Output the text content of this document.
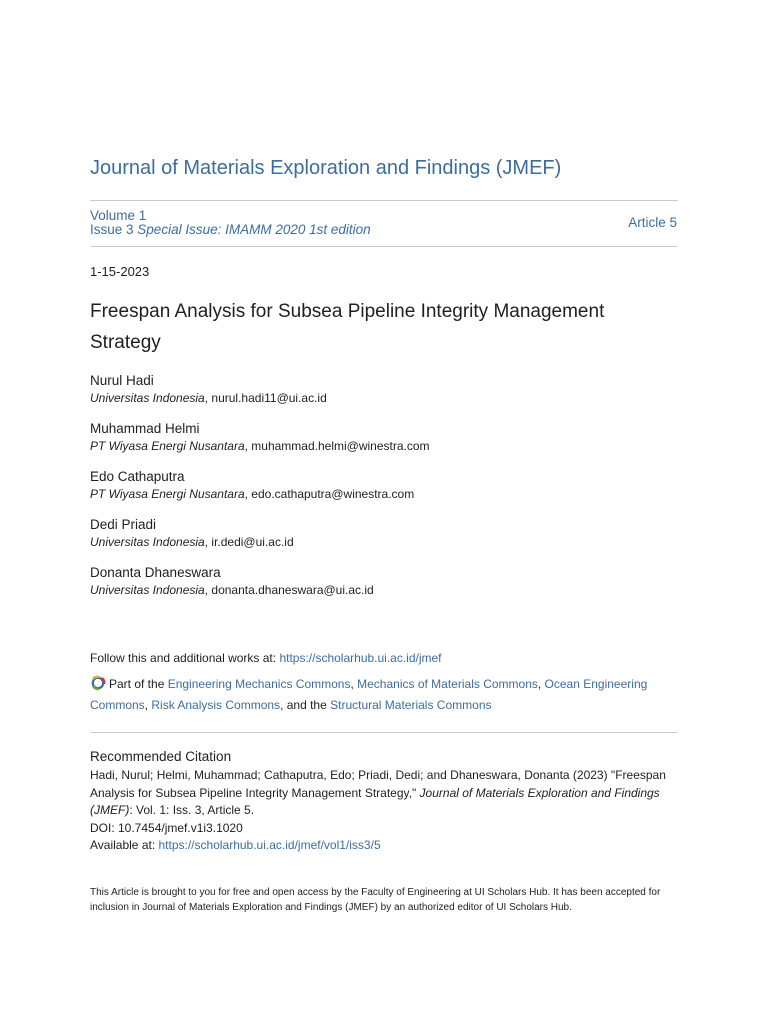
Journal of Materials Exploration and Findings (JMEF)
Volume 1
Issue 3 Special Issue: IMAMM 2020 1st edition	Article 5
1-15-2023
Freespan Analysis for Subsea Pipeline Integrity Management Strategy
Nurul Hadi
Universitas Indonesia, nurul.hadi11@ui.ac.id
Muhammad Helmi
PT Wiyasa Energi Nusantara, muhammad.helmi@winestra.com
Edo Cathaputra
PT Wiyasa Energi Nusantara, edo.cathaputra@winestra.com
Dedi Priadi
Universitas Indonesia, ir.dedi@ui.ac.id
Donanta Dhaneswara
Universitas Indonesia, donanta.dhaneswara@ui.ac.id
Follow this and additional works at: https://scholarhub.ui.ac.id/jmef
Part of the Engineering Mechanics Commons, Mechanics of Materials Commons, Ocean Engineering Commons, Risk Analysis Commons, and the Structural Materials Commons
Recommended Citation
Hadi, Nurul; Helmi, Muhammad; Cathaputra, Edo; Priadi, Dedi; and Dhaneswara, Donanta (2023) "Freespan Analysis for Subsea Pipeline Integrity Management Strategy," Journal of Materials Exploration and Findings (JMEF): Vol. 1: Iss. 3, Article 5.
DOI: 10.7454/jmef.v1i3.1020
Available at: https://scholarhub.ui.ac.id/jmef/vol1/iss3/5
This Article is brought to you for free and open access by the Faculty of Engineering at UI Scholars Hub. It has been accepted for inclusion in Journal of Materials Exploration and Findings (JMEF) by an authorized editor of UI Scholars Hub.
